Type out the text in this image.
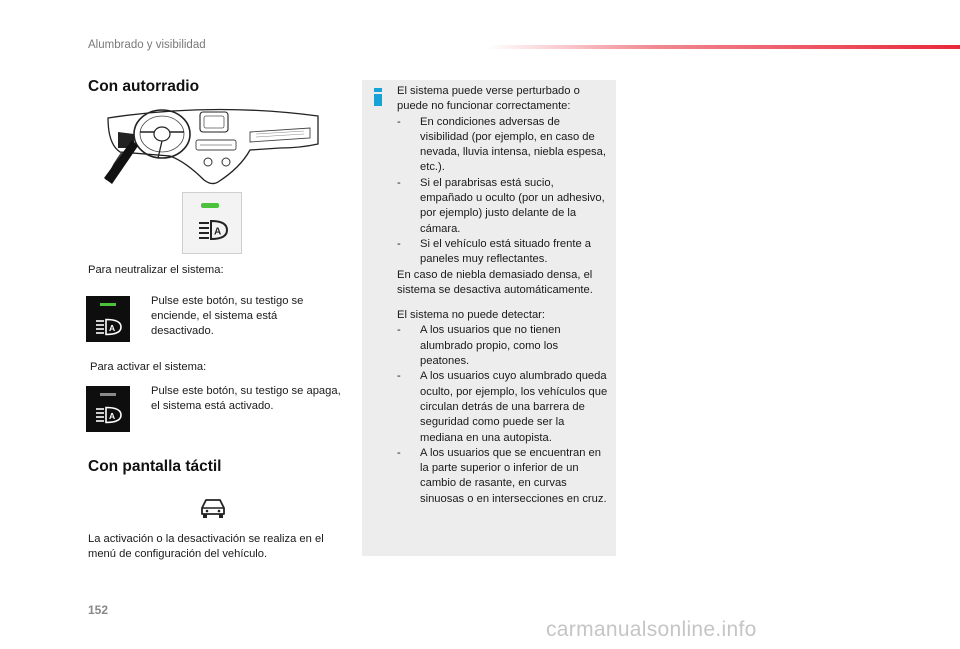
Alumbrado y visibilidad
Con autorradio
A
Para neutralizar el sistema:
A
Pulse este botón, su testigo se enciende, el sistema está desactivado.
Para activar el sistema:
A
Pulse este botón, su testigo se apaga, el sistema está activado.
Con pantalla táctil
La activación o la desactivación se realiza en el menú de configuración del vehículo.

El sistema puede verse perturbado o puede no funcionar correctamente:

-	En condiciones adversas de visibilidad (por ejemplo, en caso de nevada, lluvia intensa, niebla espesa, etc.).
-	Si el parabrisas está sucio, empañado u oculto (por un adhesivo, por ejemplo) justo delante de la cámara.
-	Si el vehículo está situado frente a paneles muy reflectantes.

En caso de niebla demasiado densa, el sistema se desactiva automáticamente.

El sistema no puede detectar:

-	A los usuarios que no tienen alumbrado propio, como los peatones.
-	A los usuarios cuyo alumbrado queda oculto, por ejemplo, los vehículos que circulan detrás de una barrera de seguridad como puede ser la mediana en una autopista.
-	A los usuarios que se encuentran en la parte superior o inferior de un cambio de rasante, en curvas sinuosas o en intersecciones en cruz.
152
carmanualsonline.info
